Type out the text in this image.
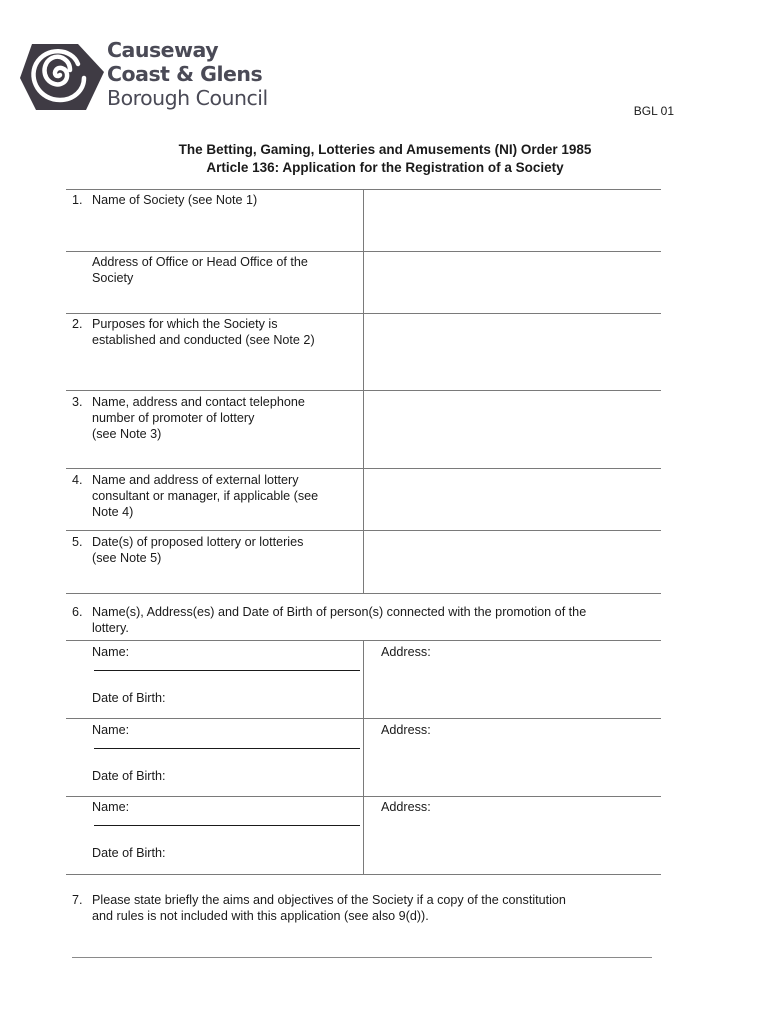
Causeway
Coast & Glens
Borough Council
BGL 01
The Betting, Gaming, Lotteries and Amusements (NI) Order 1985
Article 136: Application for the Registration of a Society
1. Name of Society (see Note 1)
Address of Office or Head Office of the
Society
2. Purposes for which the Society is
established and conducted (see Note 2)
3. Name, address and contact telephone
number of promoter of lottery
(see Note 3)
4. Name and address of external lottery
consultant or manager, if applicable (see
Note 4)
5. Date(s) of proposed lottery or lotteries
(see Note 5)
6. Name(s), Address(es) and Date of Birth of person(s) connected with the promotion of the
lottery.
Name:
Date of Birth:
Address:
Name:
Date of Birth:
Address:
Name:
Date of Birth:
Address:
7. Please state briefly the aims and objectives of the Society if a copy of the constitution
and rules is not included with this application (see also 9(d)).
